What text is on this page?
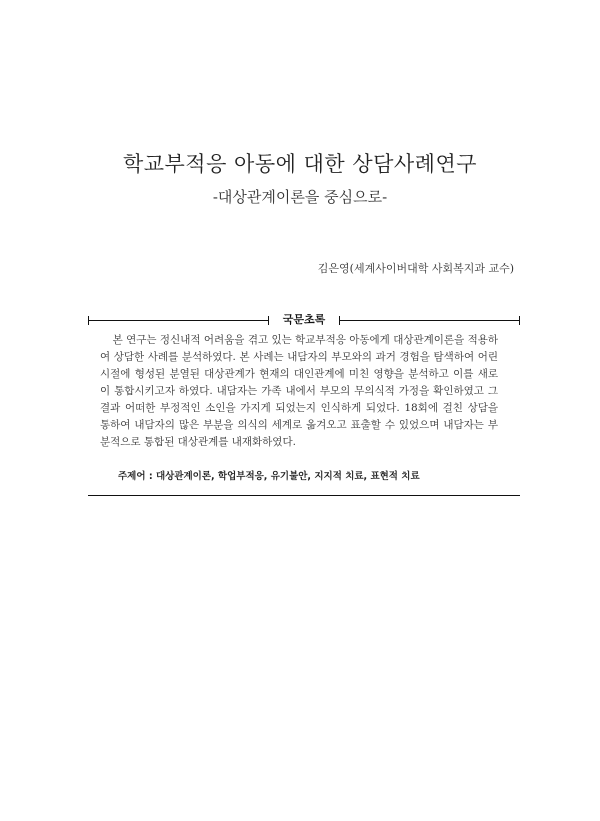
학교부적응 아동에 대한 상담사례연구
-대상관계이론을 중심으로-
김은영(세계사이버대학 사회복지과 교수)
국문초록

본 연구는 정신내적 어려움을 겪고 있는 학교부적응 아동에게 대상관계이론을 적용하여 상담한 사례를 분석하였다. 본 사례는 내담자의 부모와의 과거 경험을 탐색하여 어린 시절에 형성된 분열된 대상관계가 현재의 대인관계에 미친 영향을 분석하고 이를 새로이 통합시키고자 하였다. 내담자는 가족 내에서 부모의 무의식적 가정을 확인하였고 그 결과 어떠한 부정적인 소인을 가지게 되었는지 인식하게 되었다. 18회에 걸친 상담을 통하여 내담자의 많은 부분을 의식의 세계로 옮겨오고 표출할 수 있었으며 내담자는 부분적으로 통합된 대상관계를 내재화하였다.

주제어 : 대상관계이론, 학업부적응, 유기불안, 지지적 치료, 표현적 치료
